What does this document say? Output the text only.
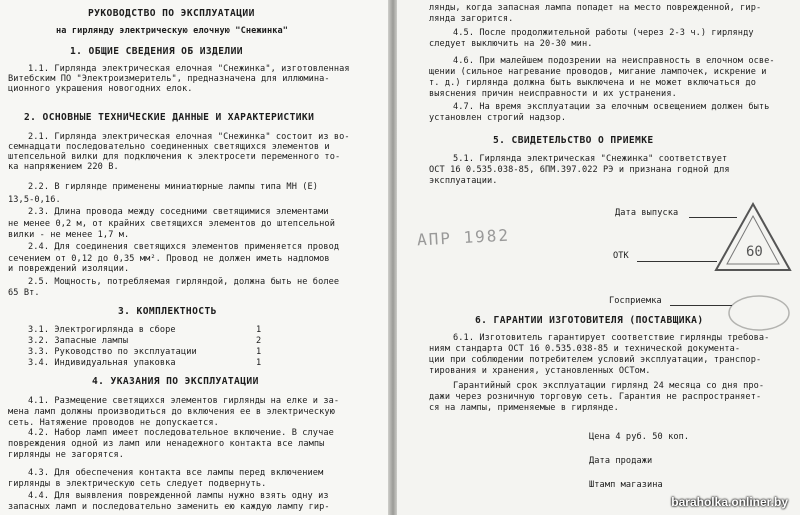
РУКОВОДСТВО ПО ЭКСПЛУАТАЦИИ
на гирлянду электрическую елочную "Снежинка"
1. ОБЩИЕ СВЕДЕНИЯ ОБ ИЗДЕЛИИ
1.1. Гирлянда электрическая елочная "Снежинка", изготовленная
Витебским ПО "Электроизмеритель", предназначена для иллюмина-
ционного украшения новогодних елок.
2. ОСНОВНЫЕ ТЕХНИЧЕСКИЕ ДАННЫЕ И ХАРАКТЕРИСТИКИ
2.1. Гирлянда электрическая елочная "Снежинка" состоит из во-
семнадцати последовательно соединенных светящихся элементов и
штепсельной вилки для подключения к электросети переменного то-
ка напряжением 220 В.
2.2. В гирлянде применены миниатюрные лампы типа МН (Е)
13,5-0,16.
2.3. Длина провода между соседними светящимися элементами
не менее 0,2 м, от крайних светящихся элементов до штепсельной
вилки - не менее 1,7 м.
2.4. Для соединения светящихся элементов применяется провод
сечением от 0,12 до 0,35 мм². Провод не должен иметь надломов
и повреждений изоляции.
2.5. Мощность, потребляемая гирляндой, должна быть не более
65 Вт.
3. КОМПЛЕКТНОСТЬ
3.1. Электрогирлянда в сборе	1
3.2. Запасные лампы	2
3.3. Руководство по эксплуатации	1
3.4. Индивидуальная упаковка	1
4. УКАЗАНИЯ ПО ЭКСПЛУАТАЦИИ
4.1. Размещение светящихся элементов гирлянды на елке и за-
мена ламп должны производиться до включения ее в электрическую
сеть. Натяжение проводов не допускается.
4.2. Набор ламп имеет последовательное включение. В случае
повреждения одной из ламп или ненадежного контакта все лампы
гирлянды не загорятся.
4.3. Для обеспечения контакта все лампы перед включением
гирлянды в электрическую сеть следует подвернуть.
4.4. Для выявления поврежденной лампы нужно взять одну из
запасных ламп и последовательно заменить ею каждую лампу гир-
лянды, когда запасная лампа попадет на место поврежденной, гир-
лянда загорится.
4.5. После продолжительной работы (через 2-3 ч.) гирлянду
следует выключить на 20-30 мин.
4.6. При малейшем подозрении на неисправность в елочном осве-
щении (сильное нагревание проводов, мигание лампочек, искрение и
т. д.) гирлянда должна быть выключена и не может включаться до
выяснения причин неисправности и их устранения.
4.7. На время эксплуатации за елочным освещением должен быть
установлен строгий надзор.
5. СВИДЕТЕЛЬСТВО О ПРИЕМКЕ
5.1. Гирлянда электрическая "Снежинка" соответствует
ОСТ 16 0.535.038-85, 6ПМ.397.022 РЭ и признана годной для
эксплуатации.
Дата выпуска
АПР 1982
60
ОТК
Госприемка
6. ГАРАНТИИ ИЗГОТОВИТЕЛЯ (ПОСТАВЩИКА)
6.1. Изготовитель гарантирует соответствие гирлянды требова-
ниям стандарта ОСТ 16 0.535.038-85 и технической документа-
ции при соблюдении потребителем условий эксплуатации, транспор-
тирования и хранения, установленных ОСТом.
Гарантийный срок эксплуатации гирлянд 24 месяца со дня про-
дажи через розничную торговую сеть. Гарантия не распространяет-
ся на лампы, применяемые в гирлянде.
Цена 4 руб. 50 коп.
Дата продажи
Штамп магазина
baraholka.onliner.by
